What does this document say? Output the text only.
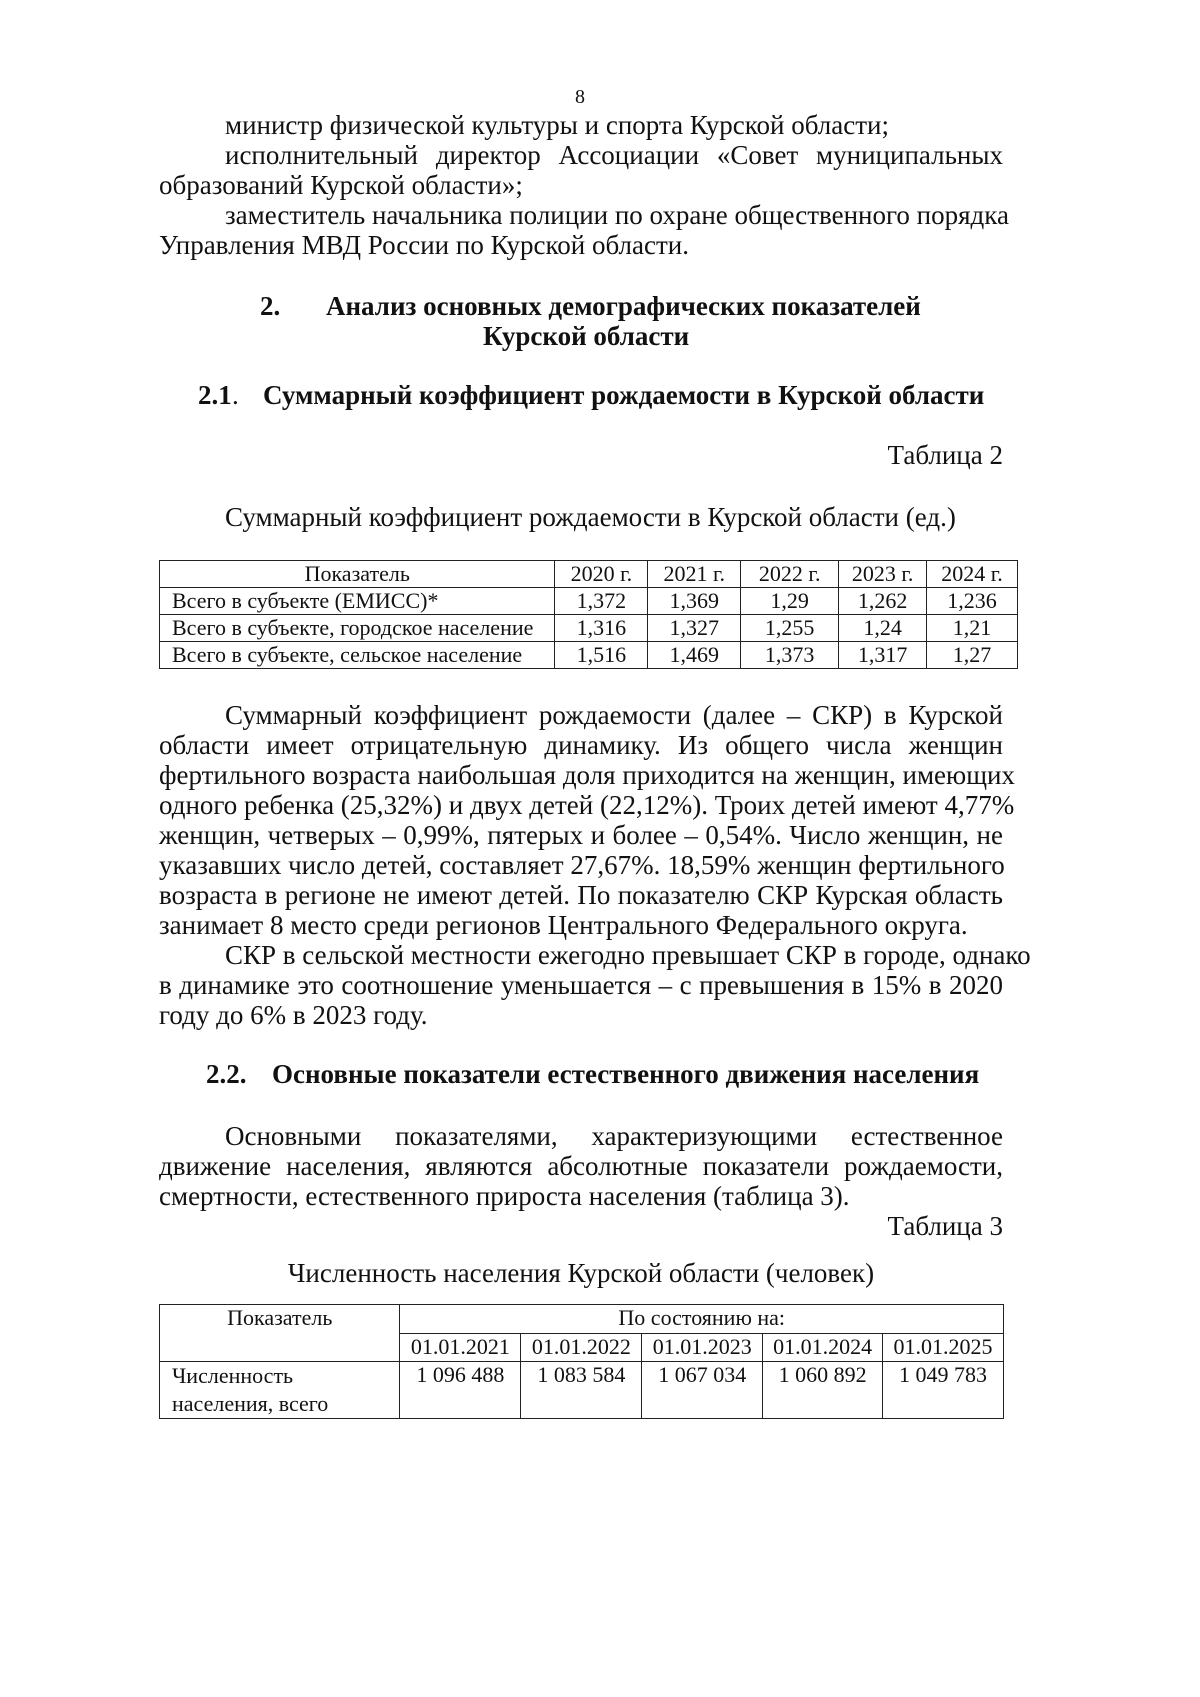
8
министр физической культуры и спорта Курской области;
исполнительный директор Ассоциации «Совет муниципальных
образований Курской области»;
заместитель начальника полиции по охране общественного порядка
Управления МВД России по Курской области.
2. Анализ основных демографических показателей
Курской области
2.1 . Суммарный коэффициент рождаемости в Курской области
Таблица 2
Суммарный коэффициент рождаемости в Курской области (ед.)
Показатель	2020 г.	2021 г.	2022 г.	2023 г.	2024 г.
Всего в субъекте (ЕМИСС)*	1,372	1,369	1,29	1,262	1,236
Всего в субъекте, городское население	1,316	1,327	1,255	1,24	1,21
Всего в субъекте, сельское население	1,516	1,469	1,373	1,317	1,27
Суммарный коэффициент рождаемости (далее – СКР) в Курской
области имеет отрицательную динамику. Из общего числа женщин
фертильного возраста наибольшая доля приходится на женщин, имеющих
одного ребенка (25,32%) и двух детей (22,12%). Троих детей имеют 4,77%
женщин, четверых – 0,99%, пятерых и более – 0,54%. Число женщин, не
указавших число детей, составляет 27,67%. 18,59% женщин фертильного
возраста в регионе не имеют детей. По показателю СКР Курская область
занимает 8 место среди регионов Центрального Федерального округа.
СКР в сельской местности ежегодно превышает СКР в городе, однако
в динамике это соотношение уменьшается – с превышения в 15% в 2020
году до 6% в 2023 году.
2.2. Основные показатели естественного движения населения
Основными показателями, характеризующими естественное
движение населения, являются абсолютные показатели рождаемости,
смертности, естественного прироста населения (таблица 3).
Таблица 3
Численность населения Курской области (человек)
Показатель	По состоянию на:				
	01.01.2021	01.01.2022	01.01.2023	01.01.2024	01.01.2025

Численность
населения, всего	1 096 488	1 083 584	1 067 034	1 060 892	1 049 783
